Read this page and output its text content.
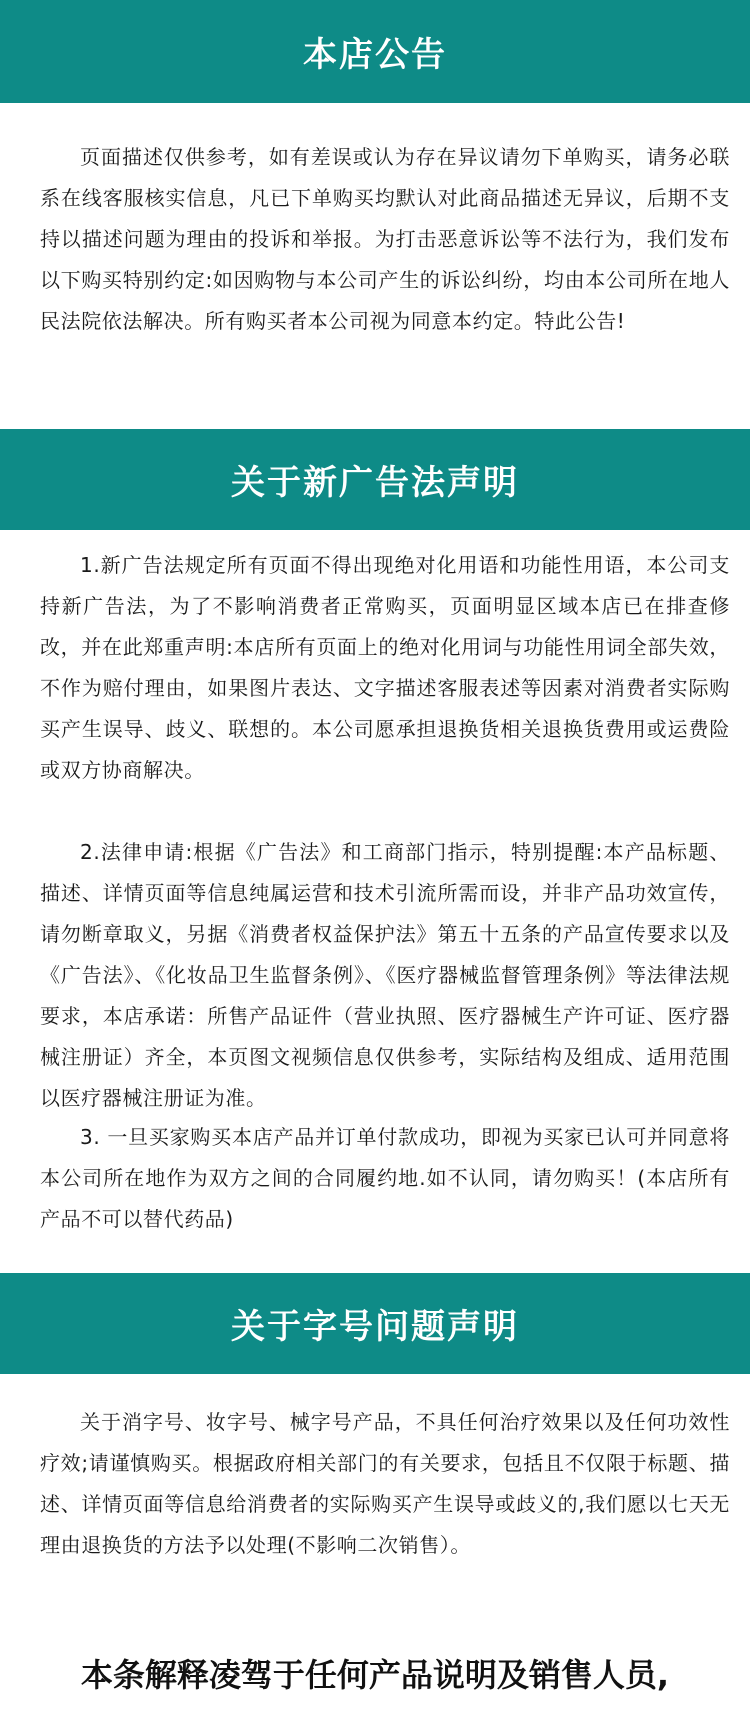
本店公告

页面描述仅供参考，如有差误或认为存在异议请勿下单购买，请务必联系在线客服核实信息，凡已下单购买均默认对此商品描述无异议，后期不支持以描述问题为理由的投诉和举报。为打击恶意诉讼等不法行为，我们发布以下购买特别约定:如因购物与本公司产生的诉讼纠纷，均由本公司所在地人民法院依法解决。所有购买者本公司视为同意本约定。特此公告!

关于新广告法声明

1.新广告法规定所有页面不得出现绝对化用语和功能性用语，本公司支持新广告法，为了不影响消费者正常购买，页面明显区域本店已在排查修改，并在此郑重声明:本店所有页面上的绝对化用词与功能性用词全部失效，不作为赔付理由，如果图片表达、文字描述客服表述等因素对消费者实际购买产生误导、歧义、联想的。本公司愿承担退换货相关退换货费用或运费险或双方协商解决。

2.法律申请:根据《广告法》和工商部门指示，特别提醒:本产品标题、描述、详情页面等信息纯属运营和技术引流所需而设，并非产品功效宣传，请勿断章取义，另据《消费者权益保护法》第五十五条的产品宣传要求以及《广告法》、《化妆品卫生监督条例》、《医疗器械监督管理条例》等法律法规要求，本店承诺：所售产品证件（营业执照、医疗器械生产许可证、医疗器械注册证）齐全，本页图文视频信息仅供参考，实际结构及组成、适用范围以医疗器械注册证为准。

3. 一旦买家购买本店产品并订单付款成功，即视为买家已认可并同意将本公司所在地作为双方之间的合同履约地.如不认同，请勿购买！(本店所有产品不可以替代药品)

关于字号问题声明

关于消字号、妆字号、械字号产品，不具任何治疗效果以及任何功效性疗效;请谨慎购买。根据政府相关部门的有关要求，包括且不仅限于标题、描述、详情页面等信息给消费者的实际购买产生误导或歧义的,我们愿以七天无理由退换货的方法予以处理(不影响二次销售）。

本条解释凌驾于任何产品说明及销售人员,
